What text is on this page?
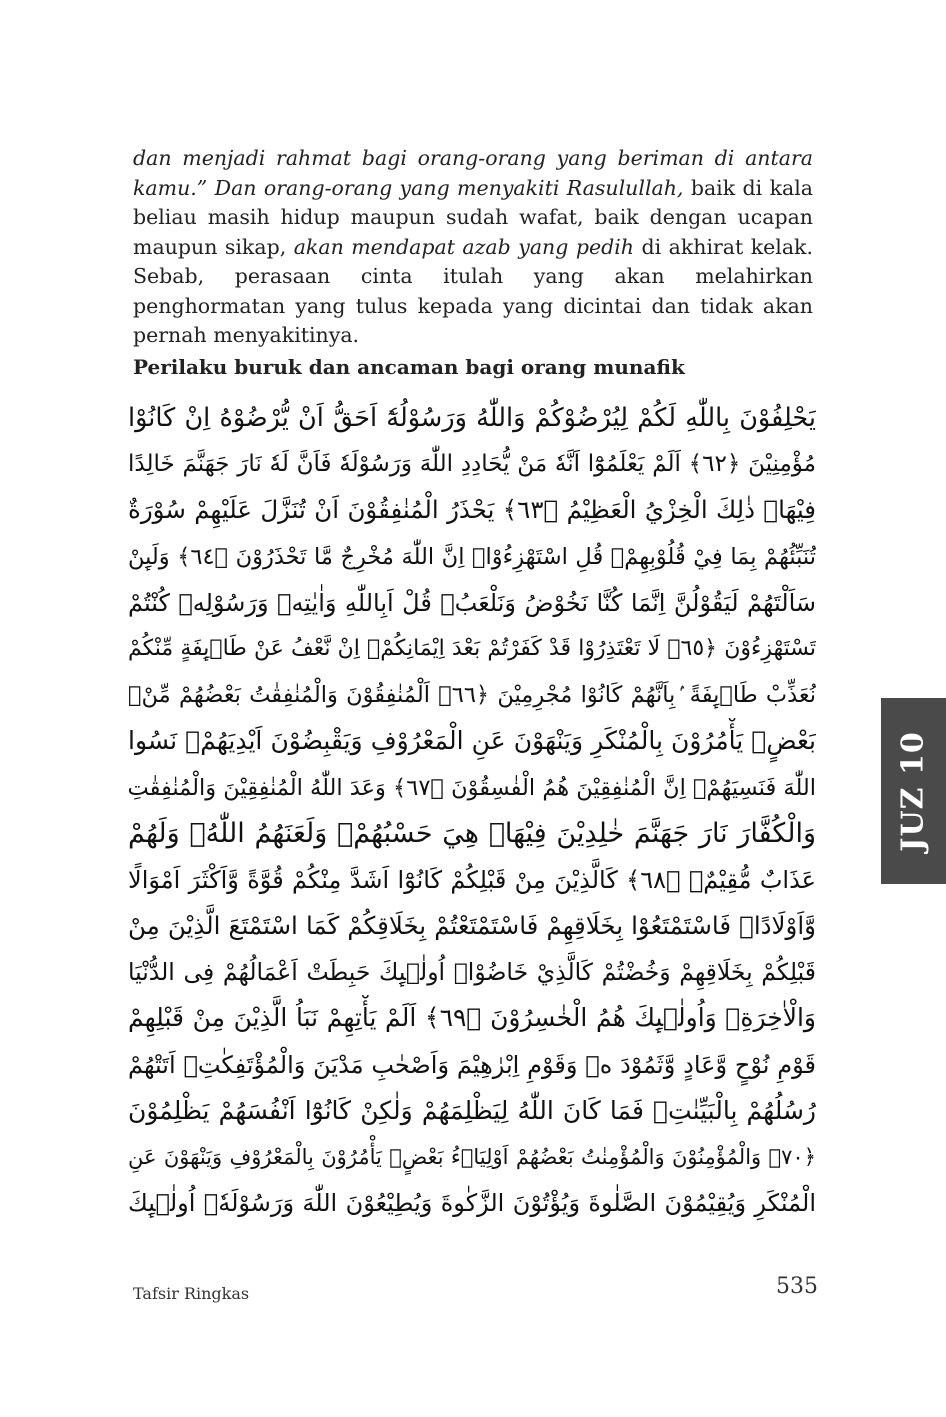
dan menjadi rahmat bagi orang-orang yang beriman di antara kamu.” Dan orang-orang yang menyakiti Rasulullah, baik di kala beliau masih hidup maupun sudah wafat, baik dengan ucapan maupun sikap, akan mendapat azab yang pedih di akhirat kelak. Sebab, perasaan cinta itulah yang akan melahirkan penghormatan yang tulus kepada yang dicintai dan tidak akan pernah menyakitinya.
Perilaku buruk dan ancaman bagi orang munafik
يَحْلِفُوْنَ بِاللّٰهِ لَكُمْ لِيُرْضُوْكُمْ وَاللّٰهُ وَرَسُوْلُهٗٓ اَحَقُّ اَنْ يُّرْضُوْهُ اِنْ كَانُوْا
مُؤْمِنِيْنَ ﴿٦٢﴾ اَلَمْ يَعْلَمُوْٓا اَنَّهٗ مَنْ يُّحَادِدِ اللّٰهَ وَرَسُوْلَهٗ فَاَنَّ لَهٗ نَارَ جَهَنَّمَ خَالِدًا
فِيْهَاۗ ذٰلِكَ الْخِزْيُ الْعَظِيْمُ ﴿٦٣﴾ يَحْذَرُ الْمُنٰفِقُوْنَ اَنْ تُنَزَّلَ عَلَيْهِمْ سُوْرَةٌ
تُنَبِّئُهُمْ بِمَا فِيْ قُلُوْبِهِمْۗ قُلِ اسْتَهْزِءُوْاۚ اِنَّ اللّٰهَ مُخْرِجٌ مَّا تَحْذَرُوْنَ ﴿٦٤﴾ وَلَىِٕنْ
سَاَلْتَهُمْ لَيَقُوْلُنَّ اِنَّمَا كُنَّا نَخُوْضُ وَنَلْعَبُۗ قُلْ اَبِاللّٰهِ وَاٰيٰتِهٖ وَرَسُوْلِهٖ كُنْتُمْ
تَسْتَهْزِءُوْنَ ﴿٦٥﴾ لَا تَعْتَذِرُوْا قَدْ كَفَرْتُمْ بَعْدَ اِيْمَانِكُمْۗ اِنْ نَّعْفُ عَنْ طَاۤىِٕفَةٍ مِّنْكُمْ
نُعَذِّبْ طَاۤىِٕفَةً ۢبِاَنَّهُمْ كَانُوْا مُجْرِمِيْنَ ﴿٦٦﴾ اَلْمُنٰفِقُوْنَ وَالْمُنٰفِقٰتُ بَعْضُهُمْ مِّنْۢ
بَعْضٍۘ يَأْمُرُوْنَ بِالْمُنْكَرِ وَيَنْهَوْنَ عَنِ الْمَعْرُوْفِ وَيَقْبِضُوْنَ اَيْدِيَهُمْۗ نَسُوا
اللّٰهَ فَنَسِيَهُمْۗ اِنَّ الْمُنٰفِقِيْنَ هُمُ الْفٰسِقُوْنَ ﴿٦٧﴾ وَعَدَ اللّٰهُ الْمُنٰفِقِيْنَ وَالْمُنٰفِقٰتِ
وَالْكُفَّارَ نَارَ جَهَنَّمَ خٰلِدِيْنَ فِيْهَاۗ هِيَ حَسْبُهُمْۚ وَلَعَنَهُمُ اللّٰهُۚ وَلَهُمْ
عَذَابٌ مُّقِيْمٌۙ ﴿٦٨﴾ كَالَّذِيْنَ مِنْ قَبْلِكُمْ كَانُوْٓا اَشَدَّ مِنْكُمْ قُوَّةً وَّاَكْثَرَ اَمْوَالًا
وَّاَوْلَادًاۗ فَاسْتَمْتَعُوْا بِخَلَاقِهِمْ فَاسْتَمْتَعْتُمْ بِخَلَاقِكُمْ كَمَا اسْتَمْتَعَ الَّذِيْنَ مِنْ
قَبْلِكُمْ بِخَلَاقِهِمْ وَخُضْتُمْ كَالَّذِيْ خَاضُوْاۗ اُولٰۤىِٕكَ حَبِطَتْ اَعْمَالُهُمْ فِى الدُّنْيَا
وَالْاٰخِرَةِۚ وَاُولٰۤىِٕكَ هُمُ الْخٰسِرُوْنَ ﴿٦٩﴾ اَلَمْ يَأْتِهِمْ نَبَاُ الَّذِيْنَ مِنْ قَبْلِهِمْ
قَوْمِ نُوْحٍ وَّعَادٍ وَّثَمُوْدَ ەۙ وَقَوْمِ اِبْرٰهِيْمَ وَاَصْحٰبِ مَدْيَنَ وَالْمُؤْتَفِكٰتِۗ اَتَتْهُمْ
رُسُلُهُمْ بِالْبَيِّنٰتِۚ فَمَا كَانَ اللّٰهُ لِيَظْلِمَهُمْ وَلٰكِنْ كَانُوْٓا اَنْفُسَهُمْ يَظْلِمُوْنَ
﴿٧٠﴾ وَالْمُؤْمِنُوْنَ وَالْمُؤْمِنٰتُ بَعْضُهُمْ اَوْلِيَاۤءُ بَعْضٍۘ يَأْمُرُوْنَ بِالْمَعْرُوْفِ وَيَنْهَوْنَ عَنِ
الْمُنْكَرِ وَيُقِيْمُوْنَ الصَّلٰوةَ وَيُؤْتُوْنَ الزَّكٰوةَ وَيُطِيْعُوْنَ اللّٰهَ وَرَسُوْلَهٗۗ اُولٰۤىِٕكَ
JUZ 10
Tafsir Ringkas	535
